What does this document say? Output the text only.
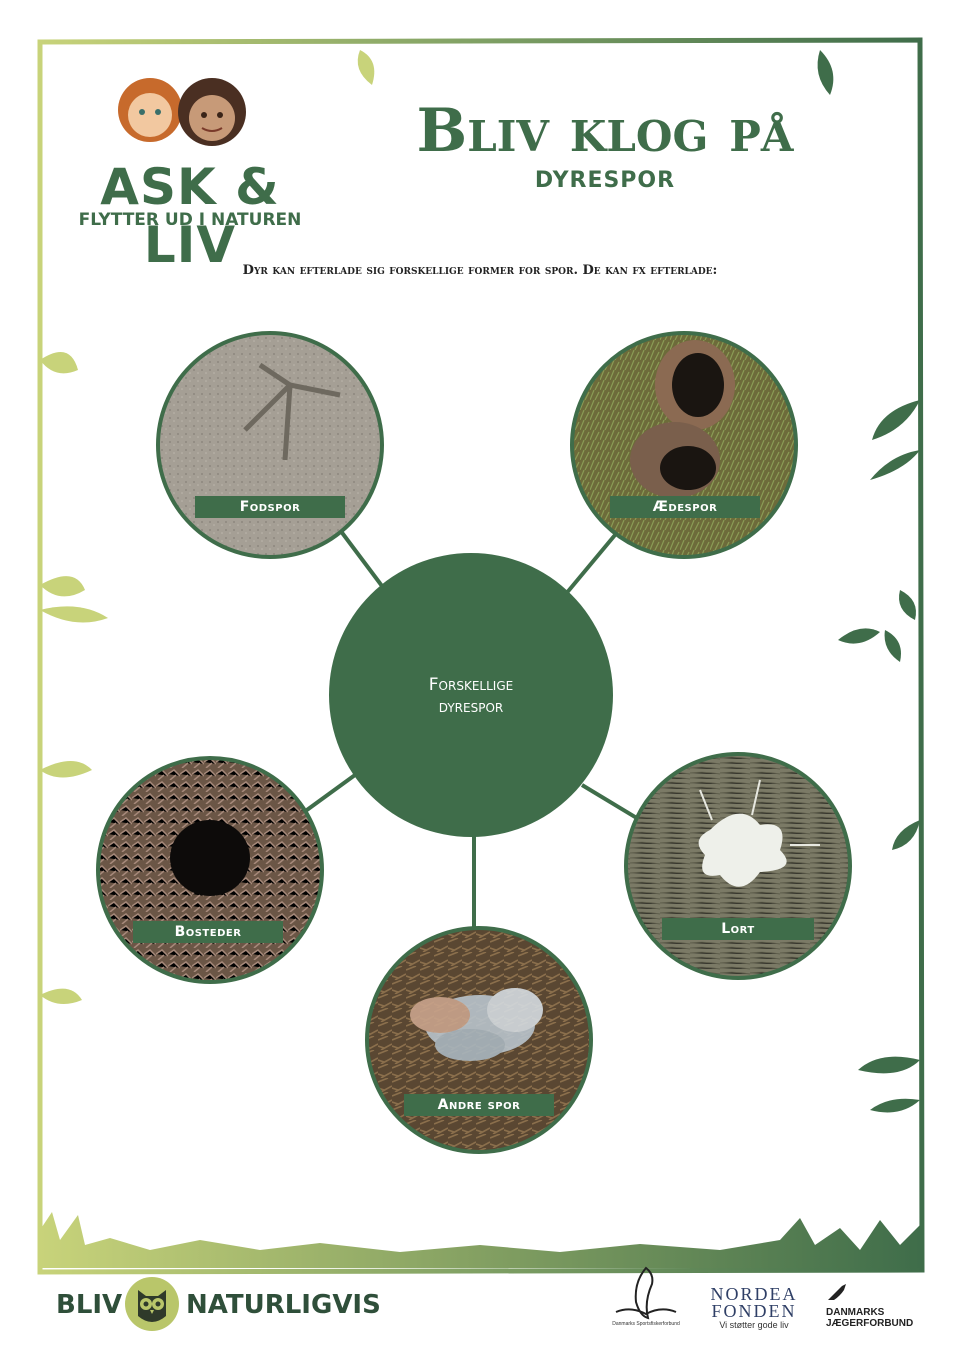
ASK & LIV
FLYTTER UD I NATUREN
Bliv klog på
DYRESPOR
Dyr kan efterlade sig forskellige former for spor. De kan fx efterlade:
Forskellige
dyrespor
Fodspor	Ædespor
Lort
Andre spor
Bosteder
BLIV NATURLIGVIS
Danmarks Sportsfiskerforbund
NORDEA
FONDEN
Vi støtter gode liv
DANMARKS
JÆGERFORBUND
